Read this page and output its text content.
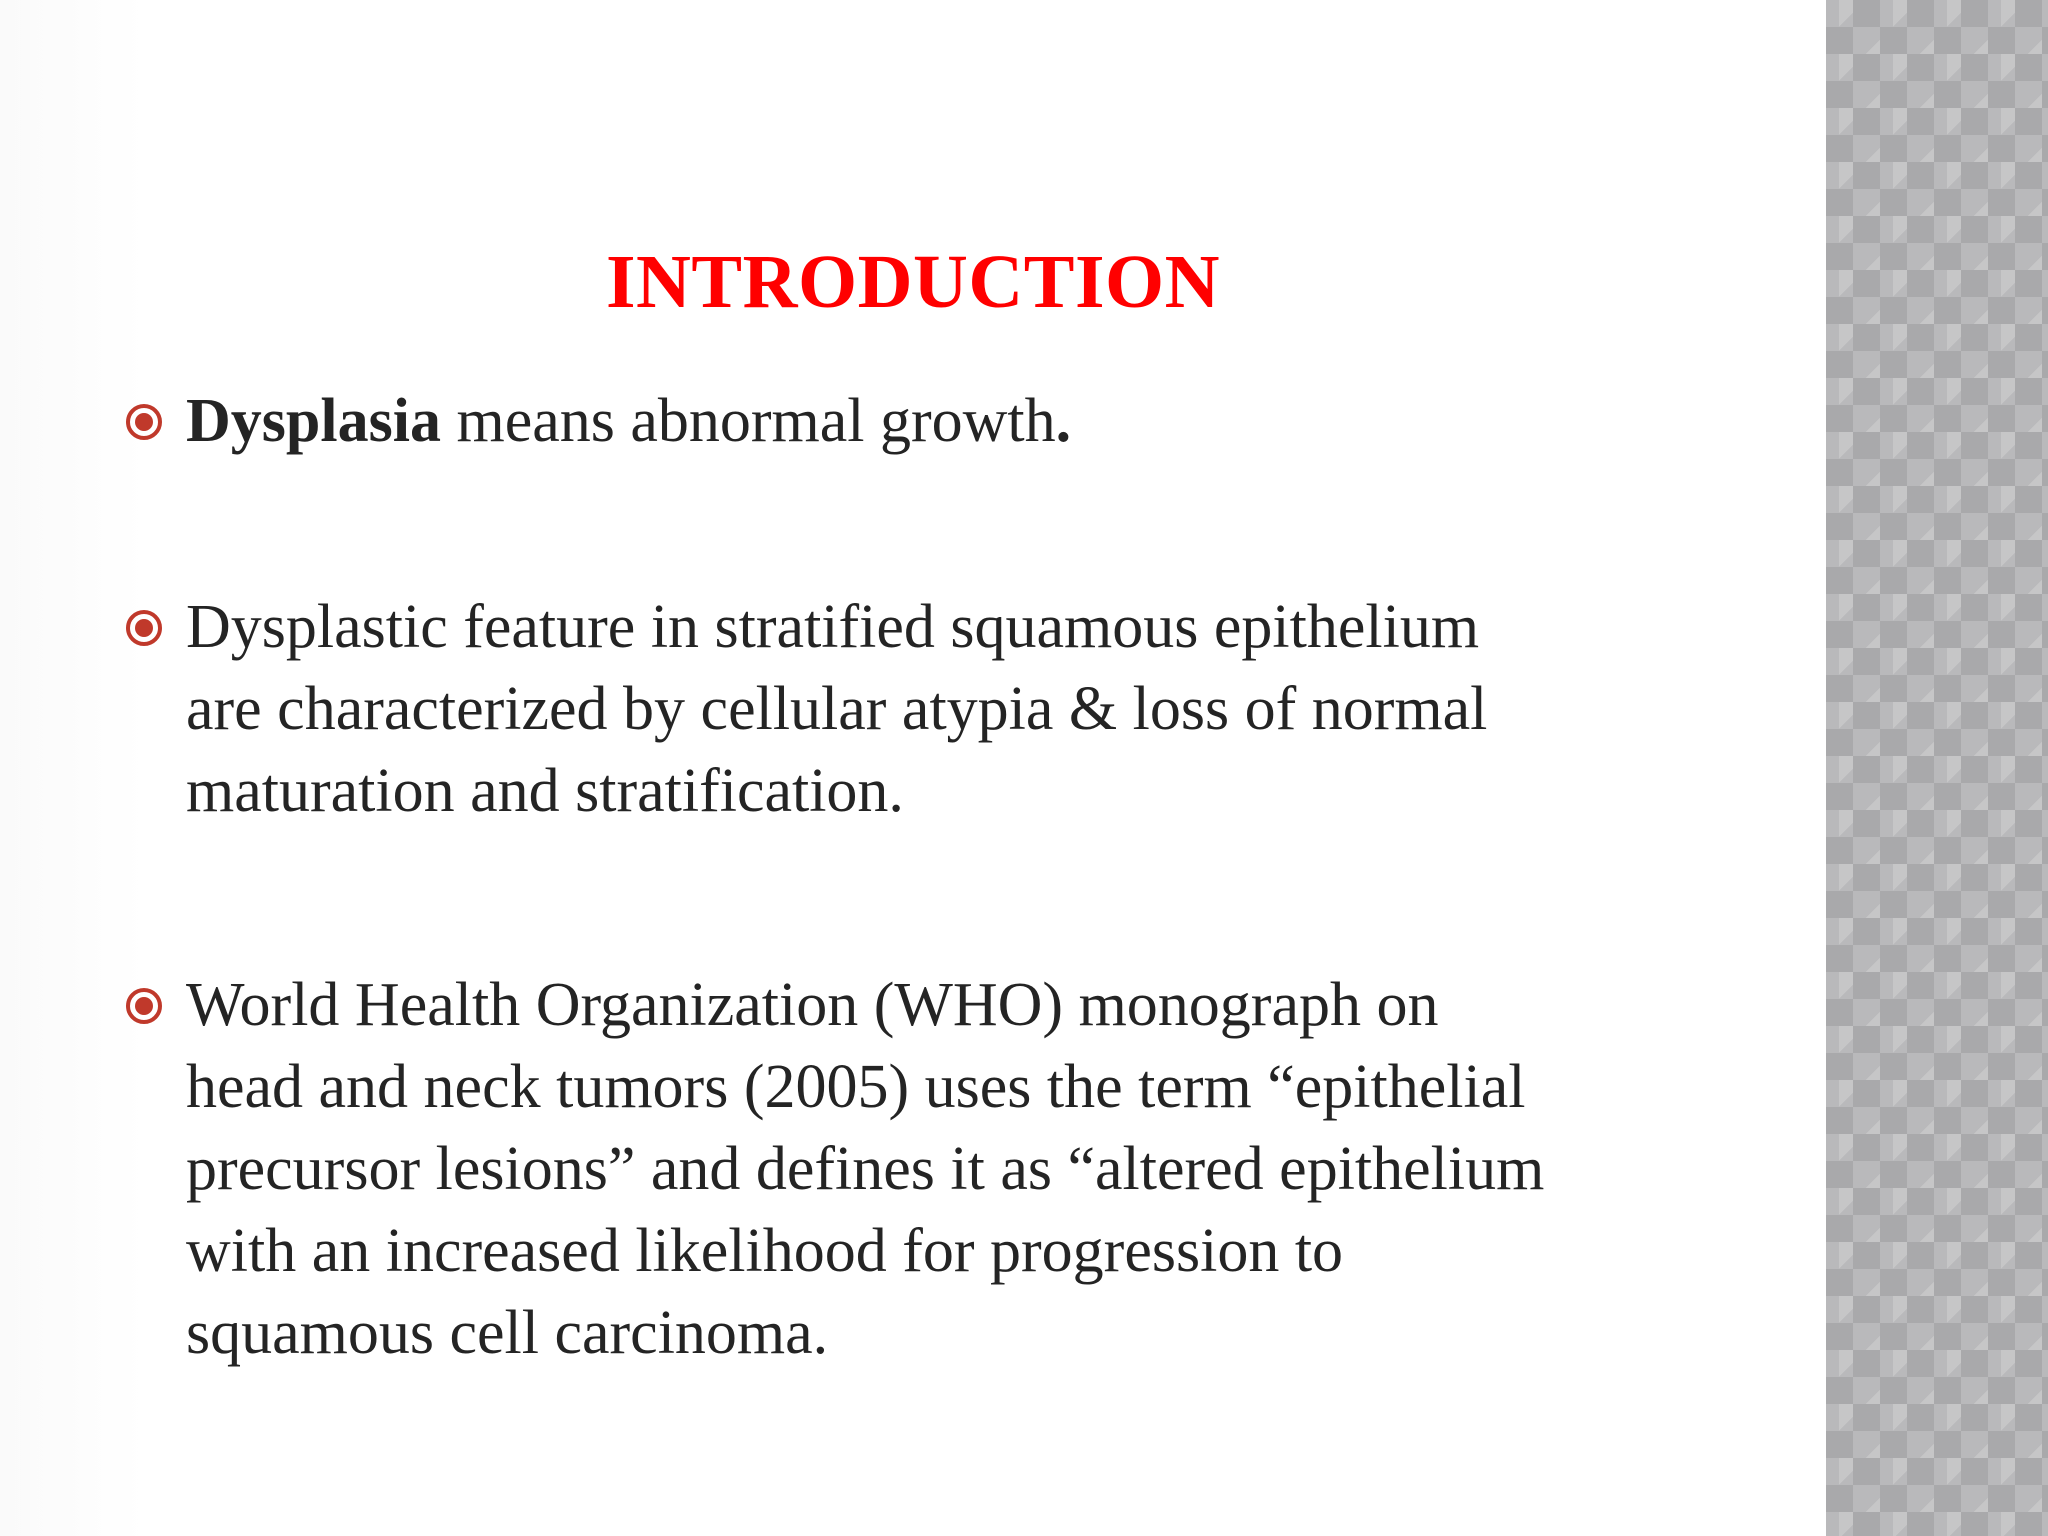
INTRODUCTION
Dysplasia means abnormal growth.
Dysplastic feature in stratified squamous epithelium
are characterized by cellular atypia & loss of normal
maturation and stratification.
World Health Organization (WHO) monograph on
head and neck tumors (2005) uses the term “epithelial
precursor lesions” and defines it as “altered epithelium
with an increased likelihood for progression to
squamous cell carcinoma.
